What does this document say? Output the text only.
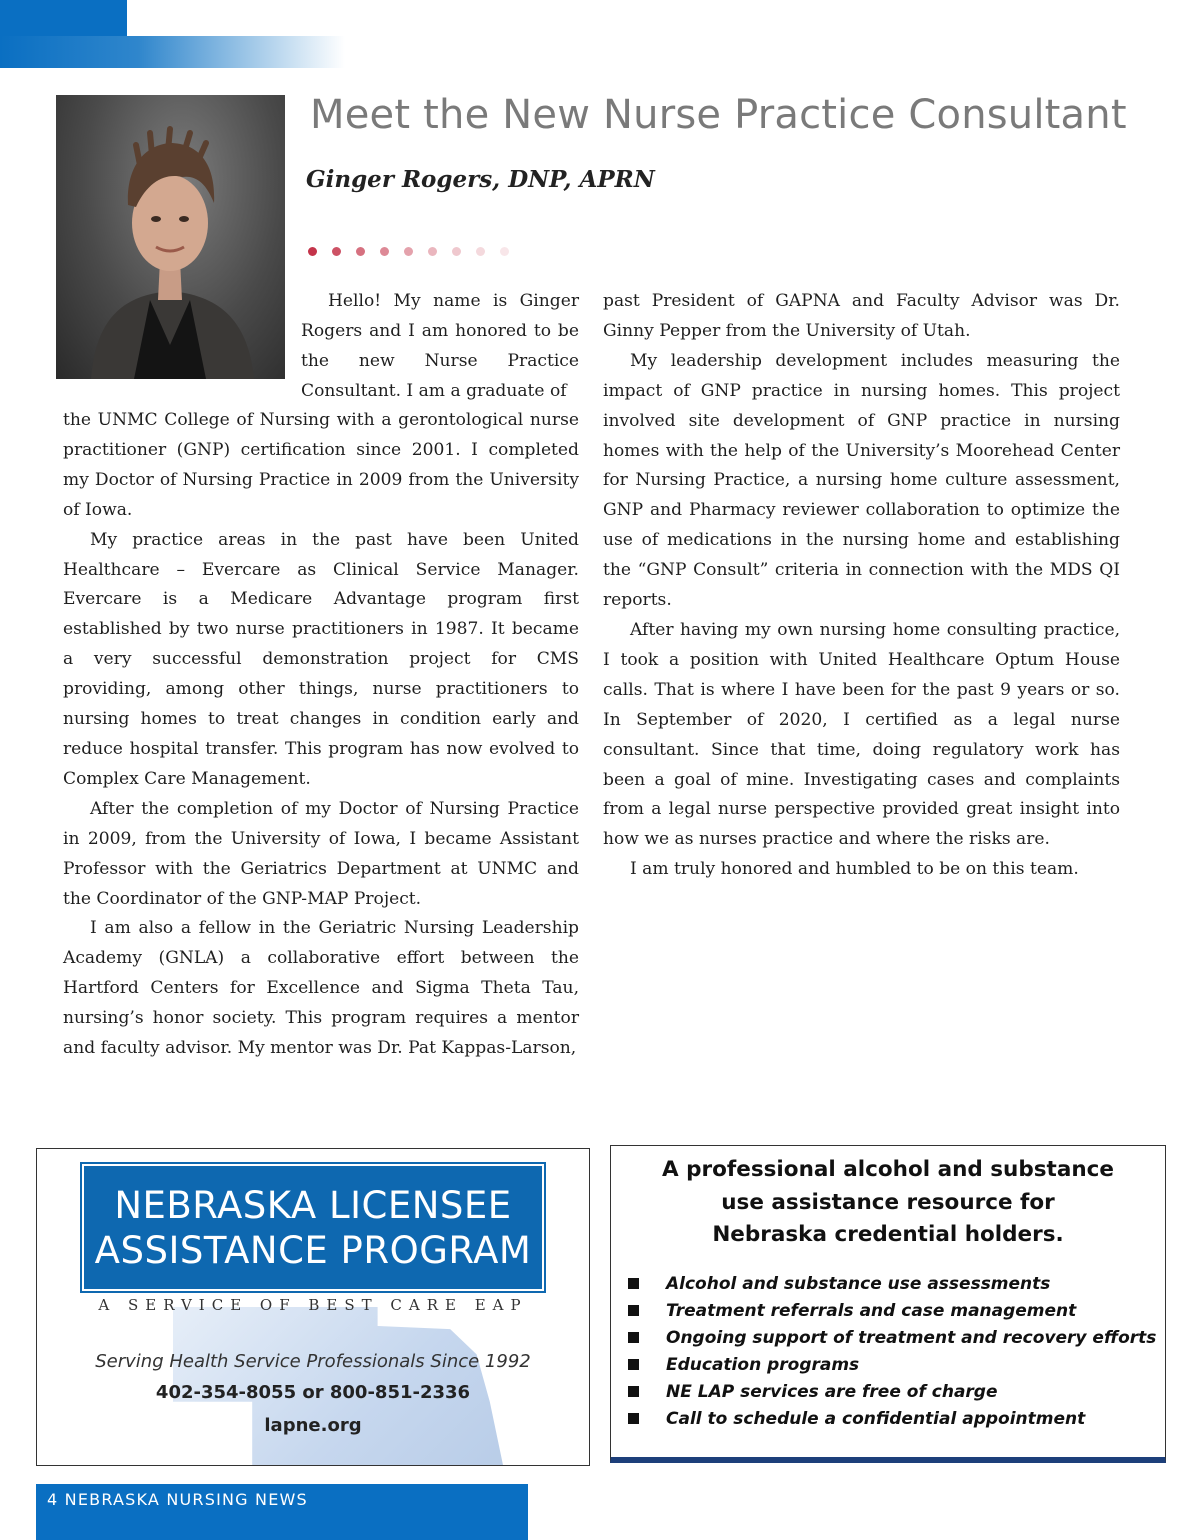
Meet the New Nurse Practice Consultant
Ginger Rogers, DNP, APRN

Hello! My name is Ginger Rogers and I am honored to be the new Nurse Practice Consultant. I am a graduate of

the UNMC College of Nursing with a gerontological nurse practitioner (GNP) certification since 2001. I completed my Doctor of Nursing Practice in 2009 from the University of Iowa.

My practice areas in the past have been United Healthcare – Evercare as Clinical Service Manager. Evercare is a Medicare Advantage program first established by two nurse practitioners in 1987. It became a very successful demonstration project for CMS providing, among other things, nurse practitioners to nursing homes to treat changes in condition early and reduce hospital transfer. This program has now evolved to Complex Care Management.

After the completion of my Doctor of Nursing Practice in 2009, from the University of Iowa, I became Assistant Professor with the Geriatrics Department at UNMC and the Coordinator of the GNP-MAP Project.

I am also a fellow in the Geriatric Nursing Leadership Academy (GNLA) a collaborative effort between the Hartford Centers for Excellence and Sigma Theta Tau, nursing’s honor society. This program requires a mentor and faculty advisor. My mentor was Dr. Pat Kappas-Larson,

past President of GAPNA and Faculty Advisor was Dr. Ginny Pepper from the University of Utah.

My leadership development includes measuring the impact of GNP practice in nursing homes. This project involved site development of GNP practice in nursing homes with the help of the University’s Moorehead Center for Nursing Practice, a nursing home culture assessment, GNP and Pharmacy reviewer collaboration to optimize the use of medications in the nursing home and establishing the “GNP Consult” criteria in connection with the MDS QI reports.

After having my own nursing home consulting practice, I took a position with United Healthcare Optum House calls. That is where I have been for the past 9 years or so. In September of 2020, I certified as a legal nurse consultant. Since that time, doing regulatory work has been a goal of mine. Investigating cases and complaints from a legal nurse perspective provided great insight into how we as nurses practice and where the risks are.

I am truly honored and humbled to be on this team.

NEBRASKA LICENSEE
ASSISTANCE PROGRAM
A SERVICE OF BEST CARE EAP
Serving Health Service Professionals Since 1992
402-354-8055 or 800-851-2336
lapne.org
A professional alcohol and substance
use assistance resource for
Nebraska credential holders.
Alcohol and substance use assessments
Treatment referrals and case management
Ongoing support of treatment and recovery efforts
Education programs
NE LAP services are free of charge
Call to schedule a confidential appointment
4 NEBRASKA NURSING NEWS
